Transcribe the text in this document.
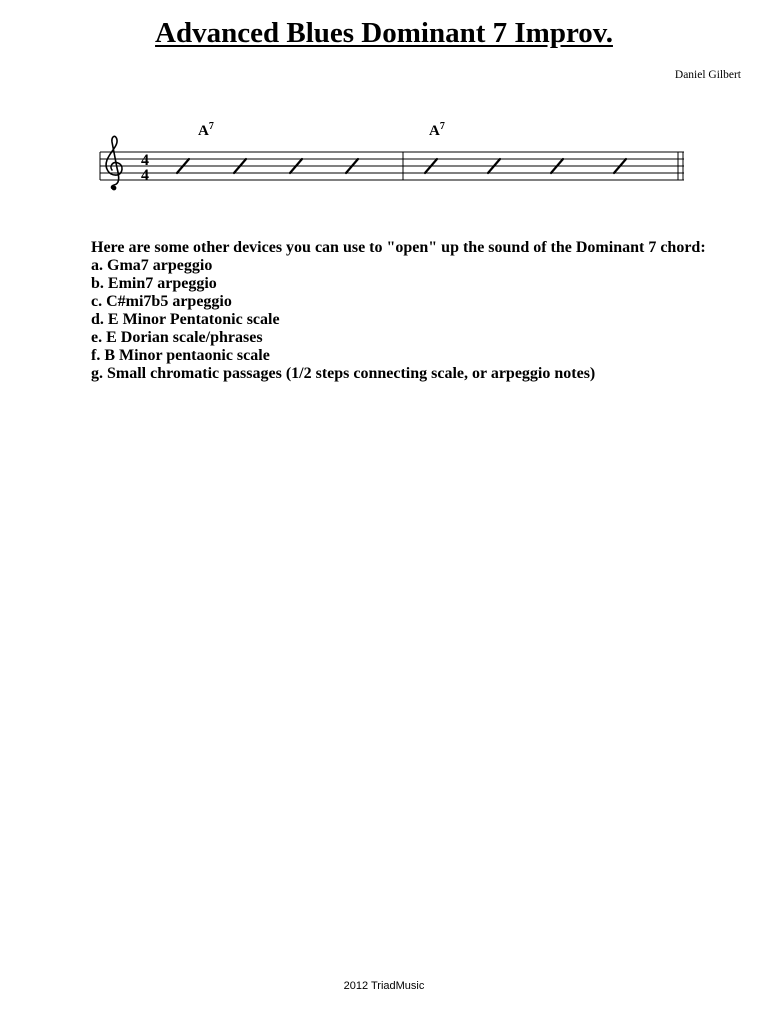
Advanced Blues Dominant 7 Improv.
Daniel Gilbert
4
4
$A^7$	$A^7$

Here are some other devices you can use to "open" up the sound of the Dominant 7 chord:

a. Gma7 arpeggio
b. Emin7 arpeggio
c. C#mi7b5 arpeggio
d. E Minor Pentatonic scale
e. E Dorian scale/phrases
f. B Minor pentaonic scale
g. Small chromatic passages (1/2 steps connecting scale, or arpeggio notes)
2012 TriadMusic
